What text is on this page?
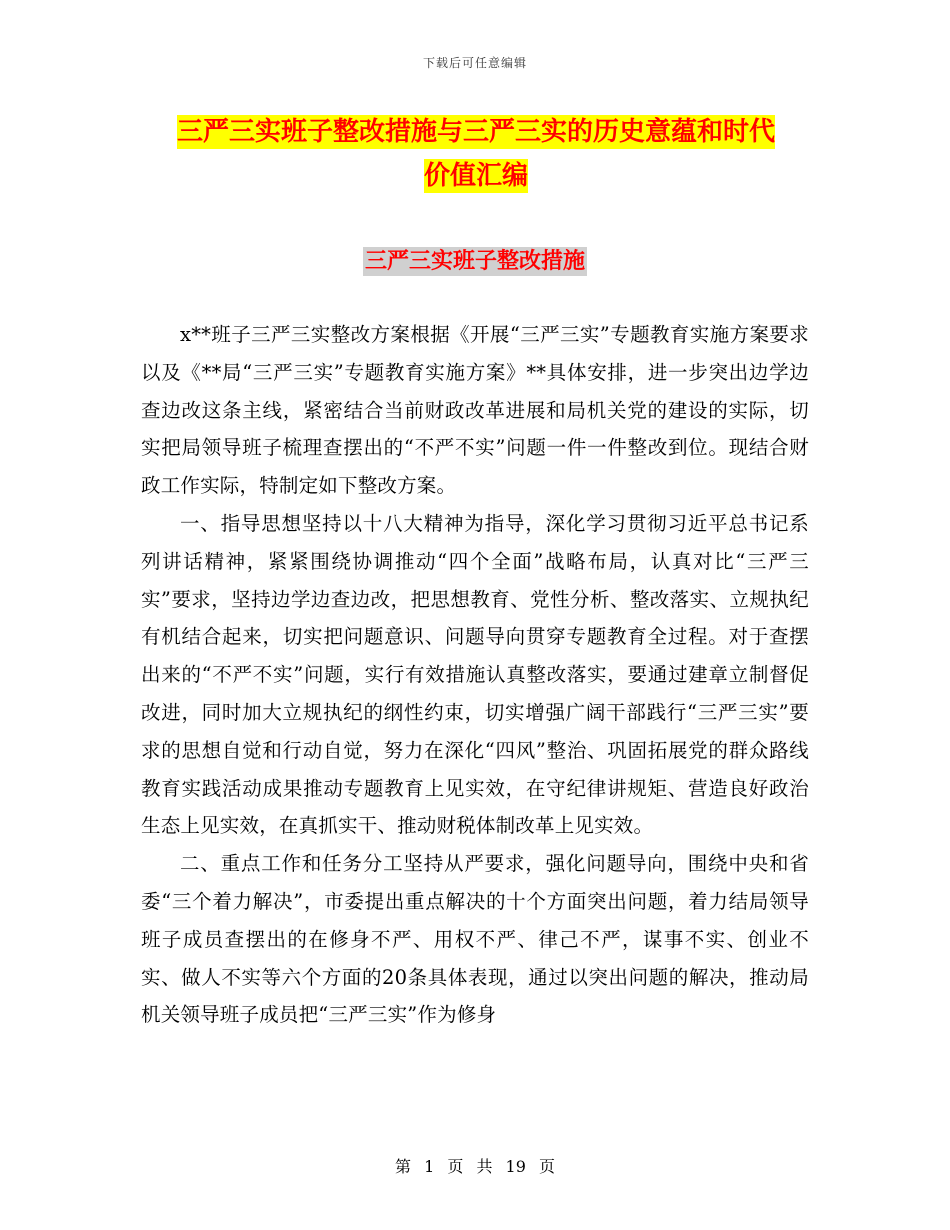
下载后可任意编辑
三严三实班子整改措施与三严三实的历史意蕴和时代
价值汇编
三严三实班子整改措施

x**班子三严三实整改方案根据《开展“三严三实”专题教育实施方案要求以及《**局“三严三实”专题教育实施方案》**具体安排，进一步突出边学边查边改这条主线，紧密结合当前财政改革进展和局机关党的建设的实际，切实把局领导班子梳理查摆出的“不严不实”问题一件一件整改到位。现结合财政工作实际，特制定如下整改方案。

一、指导思想坚持以十八大精神为指导，深化学习贯彻习近平总书记系列讲话精神，紧紧围绕协调推动“四个全面”战略布局，认真对比“三严三实”要求，坚持边学边查边改，把思想教育、党性分析、整改落实、立规执纪有机结合起来，切实把问题意识、问题导向贯穿专题教育全过程。对于查摆出来的“不严不实”问题，实行有效措施认真整改落实，要通过建章立制督促改进，同时加大立规执纪的纲性约束，切实增强广阔干部践行“三严三实”要求的思想自觉和行动自觉，努力在深化“四风”整治、巩固拓展党的群众路线教育实践活动成果推动专题教育上见实效，在守纪律讲规矩、营造良好政治生态上见实效，在真抓实干、推动财税体制改革上见实效。

二、重点工作和任务分工坚持从严要求，强化问题导向，围绕中央和省委“三个着力解决”，市委提出重点解决的十个方面突出问题，着力结局领导班子成员查摆出的在修身不严、用权不严、律己不严，谋事不实、创业不实、做人不实等六个方面的20条具体表现，通过以突出问题的解决，推动局机关领导班子成员把“三严三实”作为修身

第 1 页 共 19 页
